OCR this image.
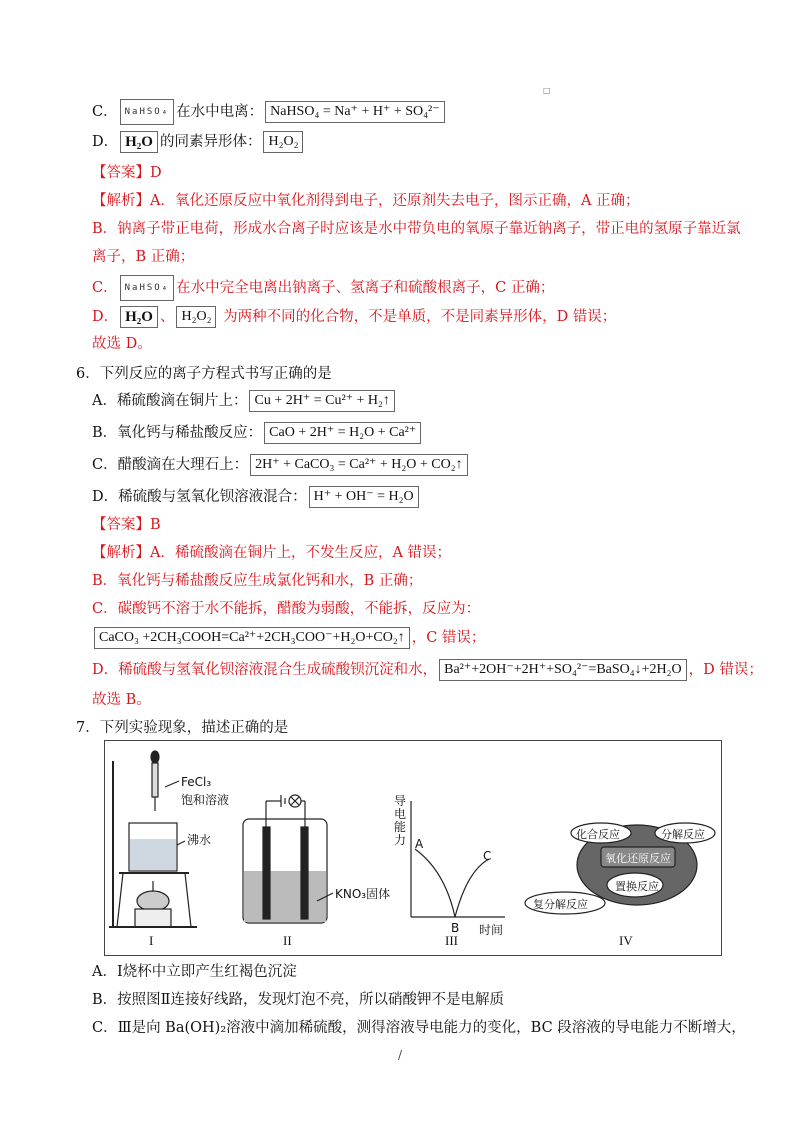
□
C． NaHSO₄ 在水中电离： NaHSO₄ = Na⁺ + H⁺ + SO₄²⁻
D． H₂O 的同素异形体： H₂O₂
【答案】D
【解析】A．氧化还原反应中氧化剂得到电子，还原剂失去电子，图示正确，A 正确；
B．钠离子带正电荷，形成水合离子时应该是水中带负电的氧原子靠近钠离子，带正电的氢原子靠近氯
离子，B 正确；
C． NaHSO₄ 在水中完全电离出钠离子、氢离子和硫酸根离子，C 正确；
D． H₂O 、 H₂O₂ 为两种不同的化合物，不是单质，不是同素异形体，D 错误；
故选 D。
6．下列反应的离子方程式书写正确的是
A．稀硫酸滴在铜片上： Cu + 2H⁺ = Cu²⁺ + H₂↑
B．氧化钙与稀盐酸反应： CaO + 2H⁺ = H₂O + Ca²⁺
C．醋酸滴在大理石上： 2H⁺ + CaCO₃ = Ca²⁺ + H₂O + CO₂↑
D．稀硫酸与氢氧化钡溶液混合： H⁺ + OH⁻ = H₂O
【答案】B
【解析】A．稀硫酸滴在铜片上，不发生反应，A 错误；
B．氧化钙与稀盐酸反应生成氯化钙和水，B 正确；
C．碳酸钙不溶于水不能拆，醋酸为弱酸，不能拆，反应为：
CaCO₃ +2CH₃COOH=Ca²⁺+2CH₃COO⁻+H₂O+CO₂↑ ，C 错误；
D．稀硫酸与氢氧化钡溶液混合生成硫酸钡沉淀和水， Ba²⁺+2OH⁻+2H⁺+SO₄²⁻=BaSO₄↓+2H₂O ，D 错误；
故选 B。
7．下列实验现象，描述正确的是
FeCl₃
饱和溶液
沸水
KNO₃固体
导电能力 A
B
C
时间
化合反应	分解反应
氧化还原反应
置换反应
复分解反应
I	II	III	IV
A．Ⅰ烧杯中立即产生红褐色沉淀
B．按照图Ⅱ连接好线路，发现灯泡不亮，所以硝酸钾不是电解质
C．Ⅲ是向 Ba(OH)₂溶液中滴加稀硫酸，测得溶液导电能力的变化，BC 段溶液的导电能力不断增大，
/
